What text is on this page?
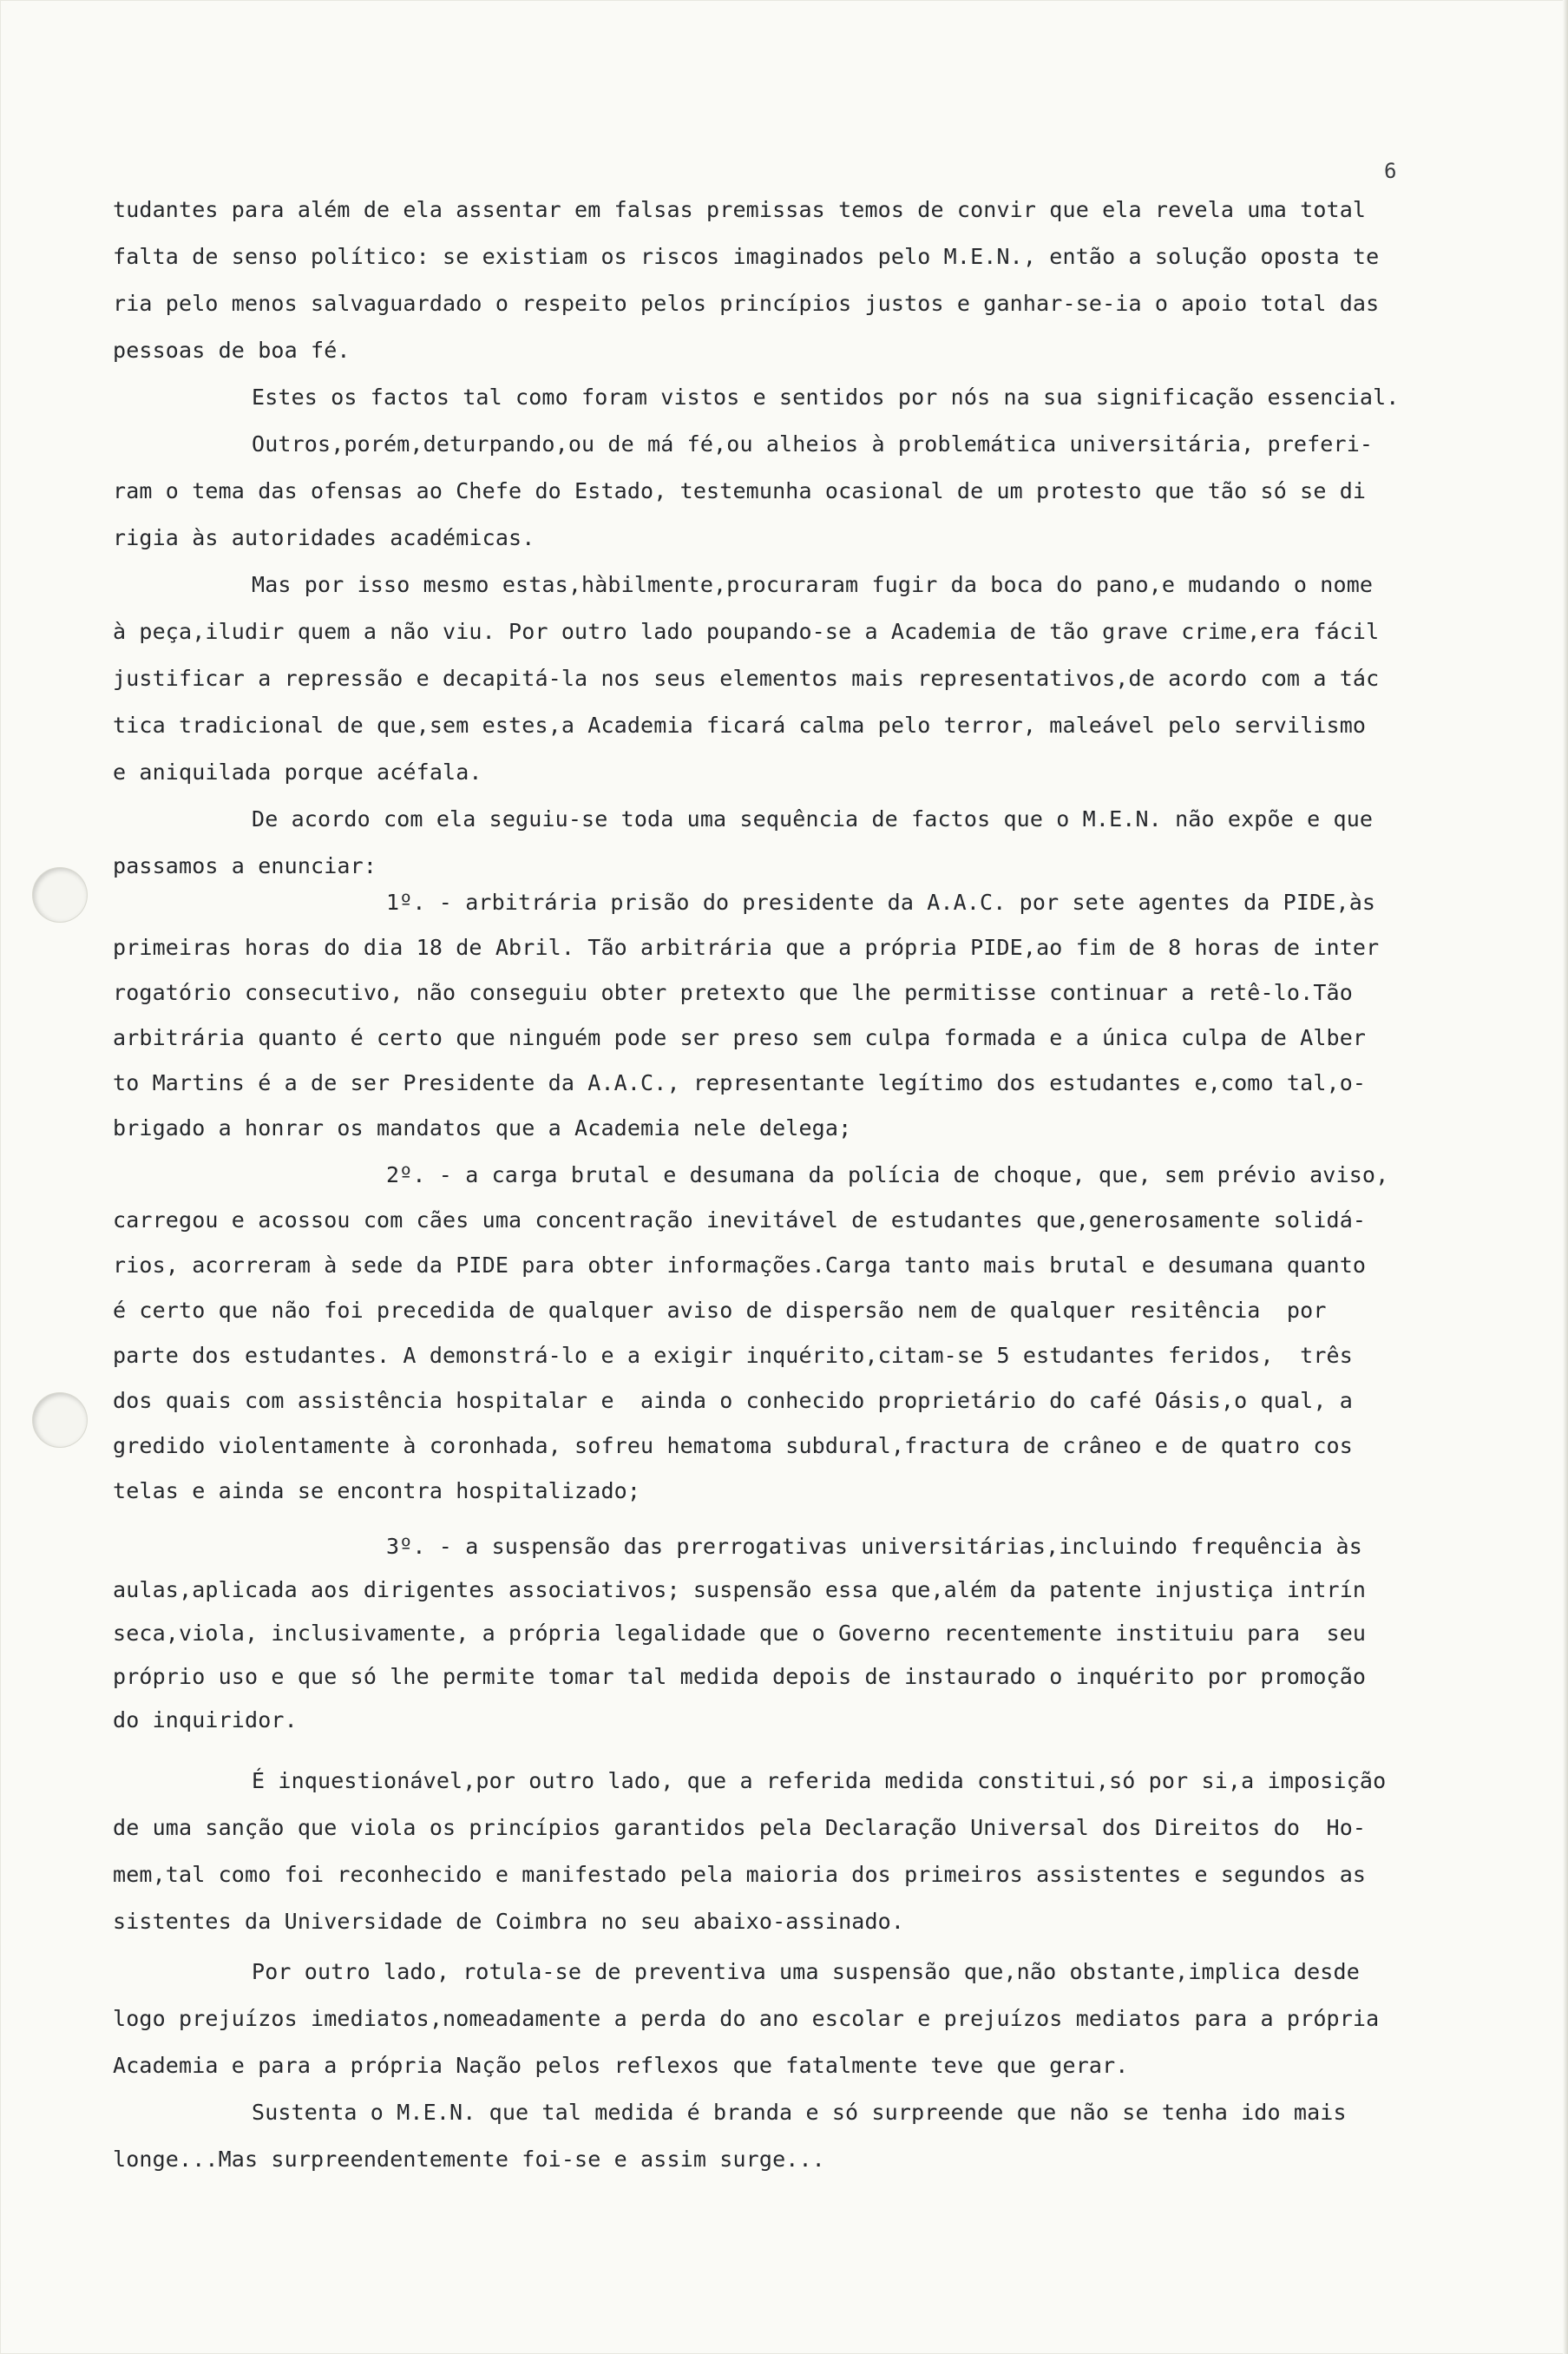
6
tudantes para além de ela assentar em falsas premissas temos de convir que ela revela uma total
falta de senso político: se existiam os riscos imaginados pelo M.E.N., então a solução oposta te
ria pelo menos salvaguardado o respeito pelos princípios justos e ganhar-se-ia o apoio total das
pessoas de boa fé.
Estes os factos tal como foram vistos e sentidos por nós na sua significação essencial.
Outros,porém,deturpando,ou de má fé,ou alheios à problemática universitária, preferi-
ram o tema das ofensas ao Chefe do Estado, testemunha ocasional de um protesto que tão só se di
rigia às autoridades académicas.
Mas por isso mesmo estas,hàbilmente,procuraram fugir da boca do pano,e mudando o nome
à peça,iludir quem a não viu. Por outro lado poupando-se a Academia de tão grave crime,era fácil
justificar a repressão e decapitá-la nos seus elementos mais representativos,de acordo com a tác
tica tradicional de que,sem estes,a Academia ficará calma pelo terror, maleável pelo servilismo
e aniquilada porque acéfala.
De acordo com ela seguiu-se toda uma sequência de factos que o M.E.N. não expõe e que
passamos a enunciar:
1º. - arbitrária prisão do presidente da A.A.C. por sete agentes da PIDE,às
primeiras horas do dia 18 de Abril. Tão arbitrária que a própria PIDE,ao fim de 8 horas de inter
rogatório consecutivo, não conseguiu obter pretexto que lhe permitisse continuar a retê-lo.Tão
arbitrária quanto é certo que ninguém pode ser preso sem culpa formada e a única culpa de Alber
to Martins é a de ser Presidente da A.A.C., representante legítimo dos estudantes e,como tal,o-
brigado a honrar os mandatos que a Academia nele delega;
2º. - a carga brutal e desumana da polícia de choque, que, sem prévio aviso,
carregou e acossou com cães uma concentração inevitável de estudantes que,generosamente solidá-
rios, acorreram à sede da PIDE para obter informações.Carga tanto mais brutal e desumana quanto
é certo que não foi precedida de qualquer aviso de dispersão nem de qualquer resitência  por
parte dos estudantes. A demonstrá-lo e a exigir inquérito,citam-se 5 estudantes feridos,  três
dos quais com assistência hospitalar e  ainda o conhecido proprietário do café Oásis,o qual, a
gredido violentamente à coronhada, sofreu hematoma subdural,fractura de crâneo e de quatro cos
telas e ainda se encontra hospitalizado;
3º. - a suspensão das prerrogativas universitárias,incluindo frequência às
aulas,aplicada aos dirigentes associativos; suspensão essa que,além da patente injustiça intrín
seca,viola, inclusivamente, a própria legalidade que o Governo recentemente instituiu para  seu
próprio uso e que só lhe permite tomar tal medida depois de instaurado o inquérito por promoção
do inquiridor.
É inquestionável,por outro lado, que a referida medida constitui,só por si,a imposição
de uma sanção que viola os princípios garantidos pela Declaração Universal dos Direitos do  Ho-
mem,tal como foi reconhecido e manifestado pela maioria dos primeiros assistentes e segundos as
sistentes da Universidade de Coimbra no seu abaixo-assinado.
Por outro lado, rotula-se de preventiva uma suspensão que,não obstante,implica desde
logo prejuízos imediatos,nomeadamente a perda do ano escolar e prejuízos mediatos para a própria
Academia e para a própria Nação pelos reflexos que fatalmente teve que gerar.
Sustenta o M.E.N. que tal medida é branda e só surpreende que não se tenha ido mais
longe...Mas surpreendentemente foi-se e assim surge...
